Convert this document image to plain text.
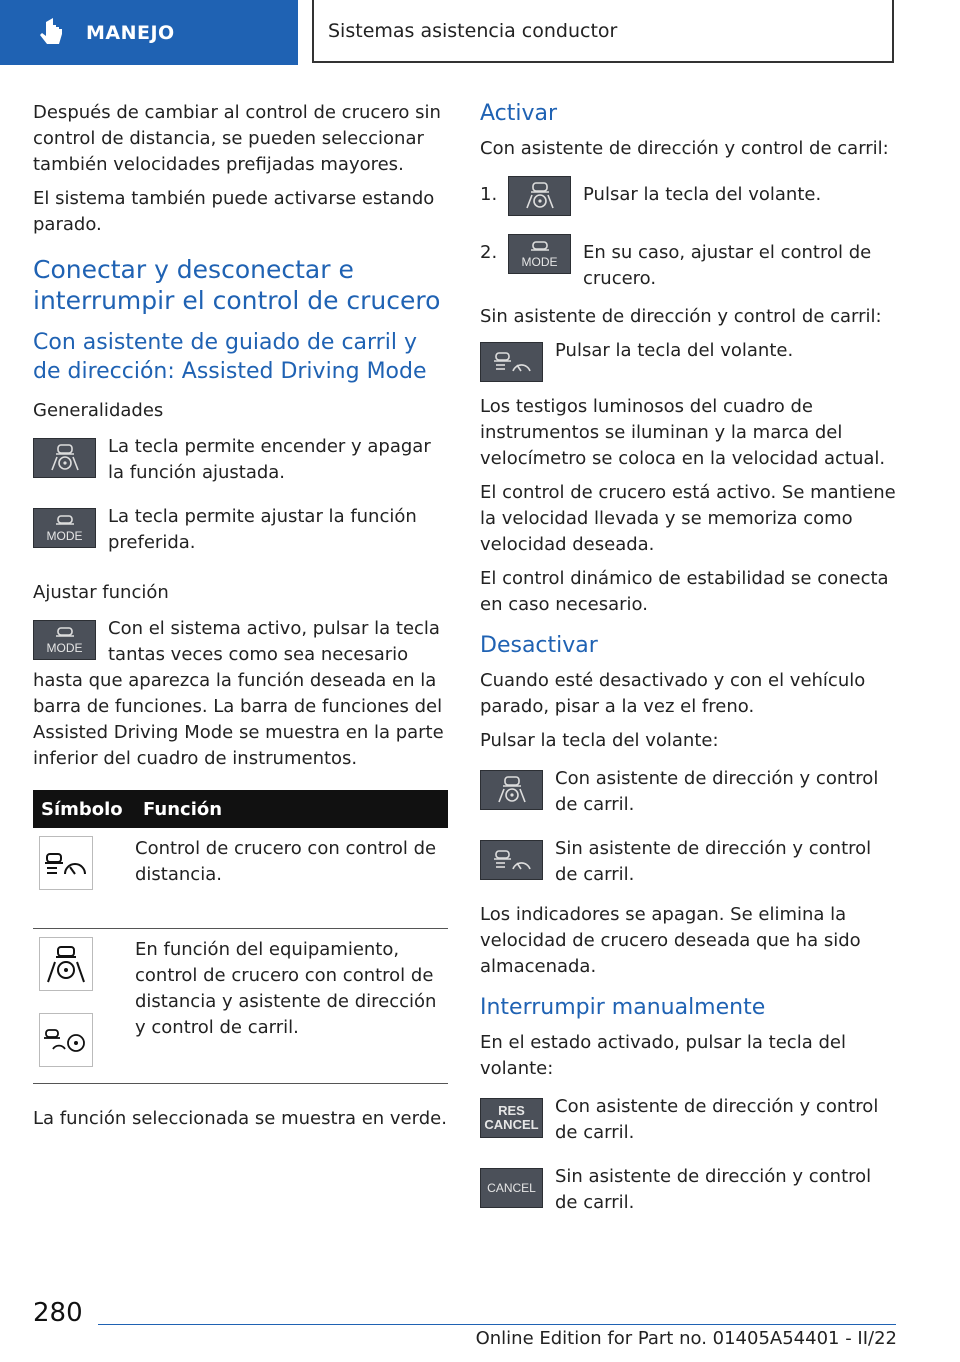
MANEJO	Sistemas asistencia conductor

Después de cambiar al control de crucero sin control de distancia, se pueden seleccionar también velocidades prefijadas mayores.

El sistema también puede activarse estando parado.

Conectar y desconectar e interrumpir el control de crucero
Con asistente de guiado de carril y de dirección: Assisted Driving Mode
Generalidades

La tecla permite encender y apagar la función ajustada.

MODE

La tecla permite ajustar la función preferida.

Ajustar función
MODE

Con el sistema activo, pulsar la tecla tantas veces como sea necesario hasta que aparezca la función deseada en la barra de funciones. La barra de funciones del Assisted Driving Mode se muestra en la parte inferior del cuadro de instrumentos.

Símbolo	Función

	Control de crucero con control de distancia.

	En función del equipamiento, control de crucero con control de distancia y asistente de dirección y control de carril.

La función seleccionada se muestra en verde.

Activar

Con asistente de dirección y control de carril:

1.	Pulsar la tecla del volante.
2.	MODE En su caso, ajustar el control de crucero.

Sin asistente de dirección y control de carril:

Pulsar la tecla del volante.

Los testigos luminosos del cuadro de instrumentos se iluminan y la marca del velocímetro se coloca en la velocidad actual.

El control de crucero está activo. Se mantiene la velocidad llevada y se memoriza como velocidad deseada.

El control dinámico de estabilidad se conecta en caso necesario.

Desactivar

Cuando esté desactivado y con el vehículo parado, pisar a la vez el freno.

Pulsar la tecla del volante:

Con asistente de dirección y control de carril.

Sin asistente de dirección y control de carril.

Los indicadores se apagan. Se elimina la velocidad de crucero deseada que ha sido almacenada.

Interrumpir manualmente

En el estado activado, pulsar la tecla del volante:

RES
CANCEL

Con asistente de dirección y control de carril.

CANCEL

Sin asistente de dirección y control de carril.

280
Online Edition for Part no. 01405A54401 - II/22
